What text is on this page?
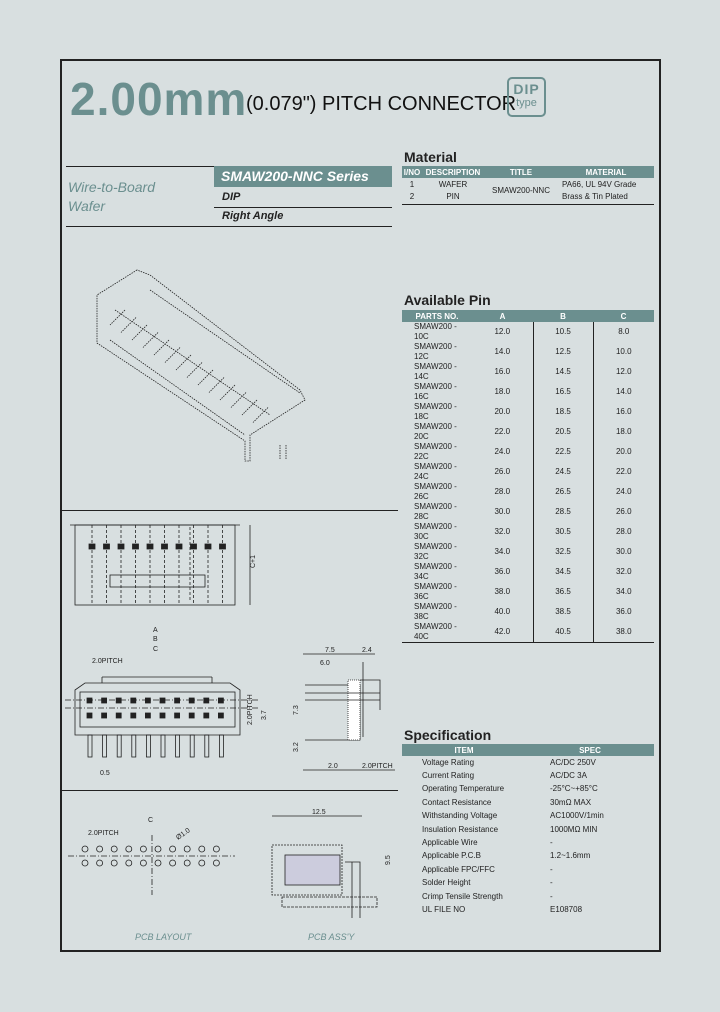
2.00mm
(0.079") PITCH CONNECTOR
DIP
type
Wire-to-Board
Wafer
SMAW200-NNC Series
DIP
Right Angle
Material
I/NO	DESCRIPTION	TITLE	MATERIAL
1	WAFER	SMAW200-NNC	PA66, UL 94V Grade
2	PIN		Brass & Tin Plated
Available Pin
PARTS NO.	A	B	C
SMAW200 - 10C	12.0	10.5	8.0
SMAW200 - 12C	14.0	12.5	10.0
SMAW200 - 14C	16.0	14.5	12.0
SMAW200 - 16C	18.0	16.5	14.0
SMAW200 - 18C	20.0	18.5	16.0
SMAW200 - 20C	22.0	20.5	18.0
SMAW200 - 22C	24.0	22.5	20.0
SMAW200 - 24C	26.0	24.5	22.0
SMAW200 - 26C	28.0	26.5	24.0
SMAW200 - 28C	30.0	28.5	26.0
SMAW200 - 30C	32.0	30.5	28.0
SMAW200 - 32C	34.0	32.5	30.0
SMAW200 - 34C	36.0	34.5	32.0
SMAW200 - 36C	38.0	36.5	34.0
SMAW200 - 38C	40.0	38.5	36.0
SMAW200 - 40C	42.0	40.5	38.0
Specification
ITEM	SPEC
Voltage Rating	AC/DC 250V
Current Rating	AC/DC 3A
Operating Temperature	-25°C~+85°C
Contact Resistance	30mΩ MAX
Withstanding Voltage	AC1000V/1min
Insulation Resistance	1000MΩ MIN
Applicable Wire	-
Applicable P.C.B	1.2~1.6mm
Applicable FPC/FFC	-
Solder Height	-
Crimp Tensile Strength	-
UL FILE NO	E108708
C+1
A
B
C
2.0PITCH
0.5
2.0PITCH 3.7
7.5	2.4
6.0
7.3
3.2
2.0	2.0PITCH
C
2.0PITCH	Ø1.0
PCB LAYOUT
12.5
9.5
PCB ASS'Y
